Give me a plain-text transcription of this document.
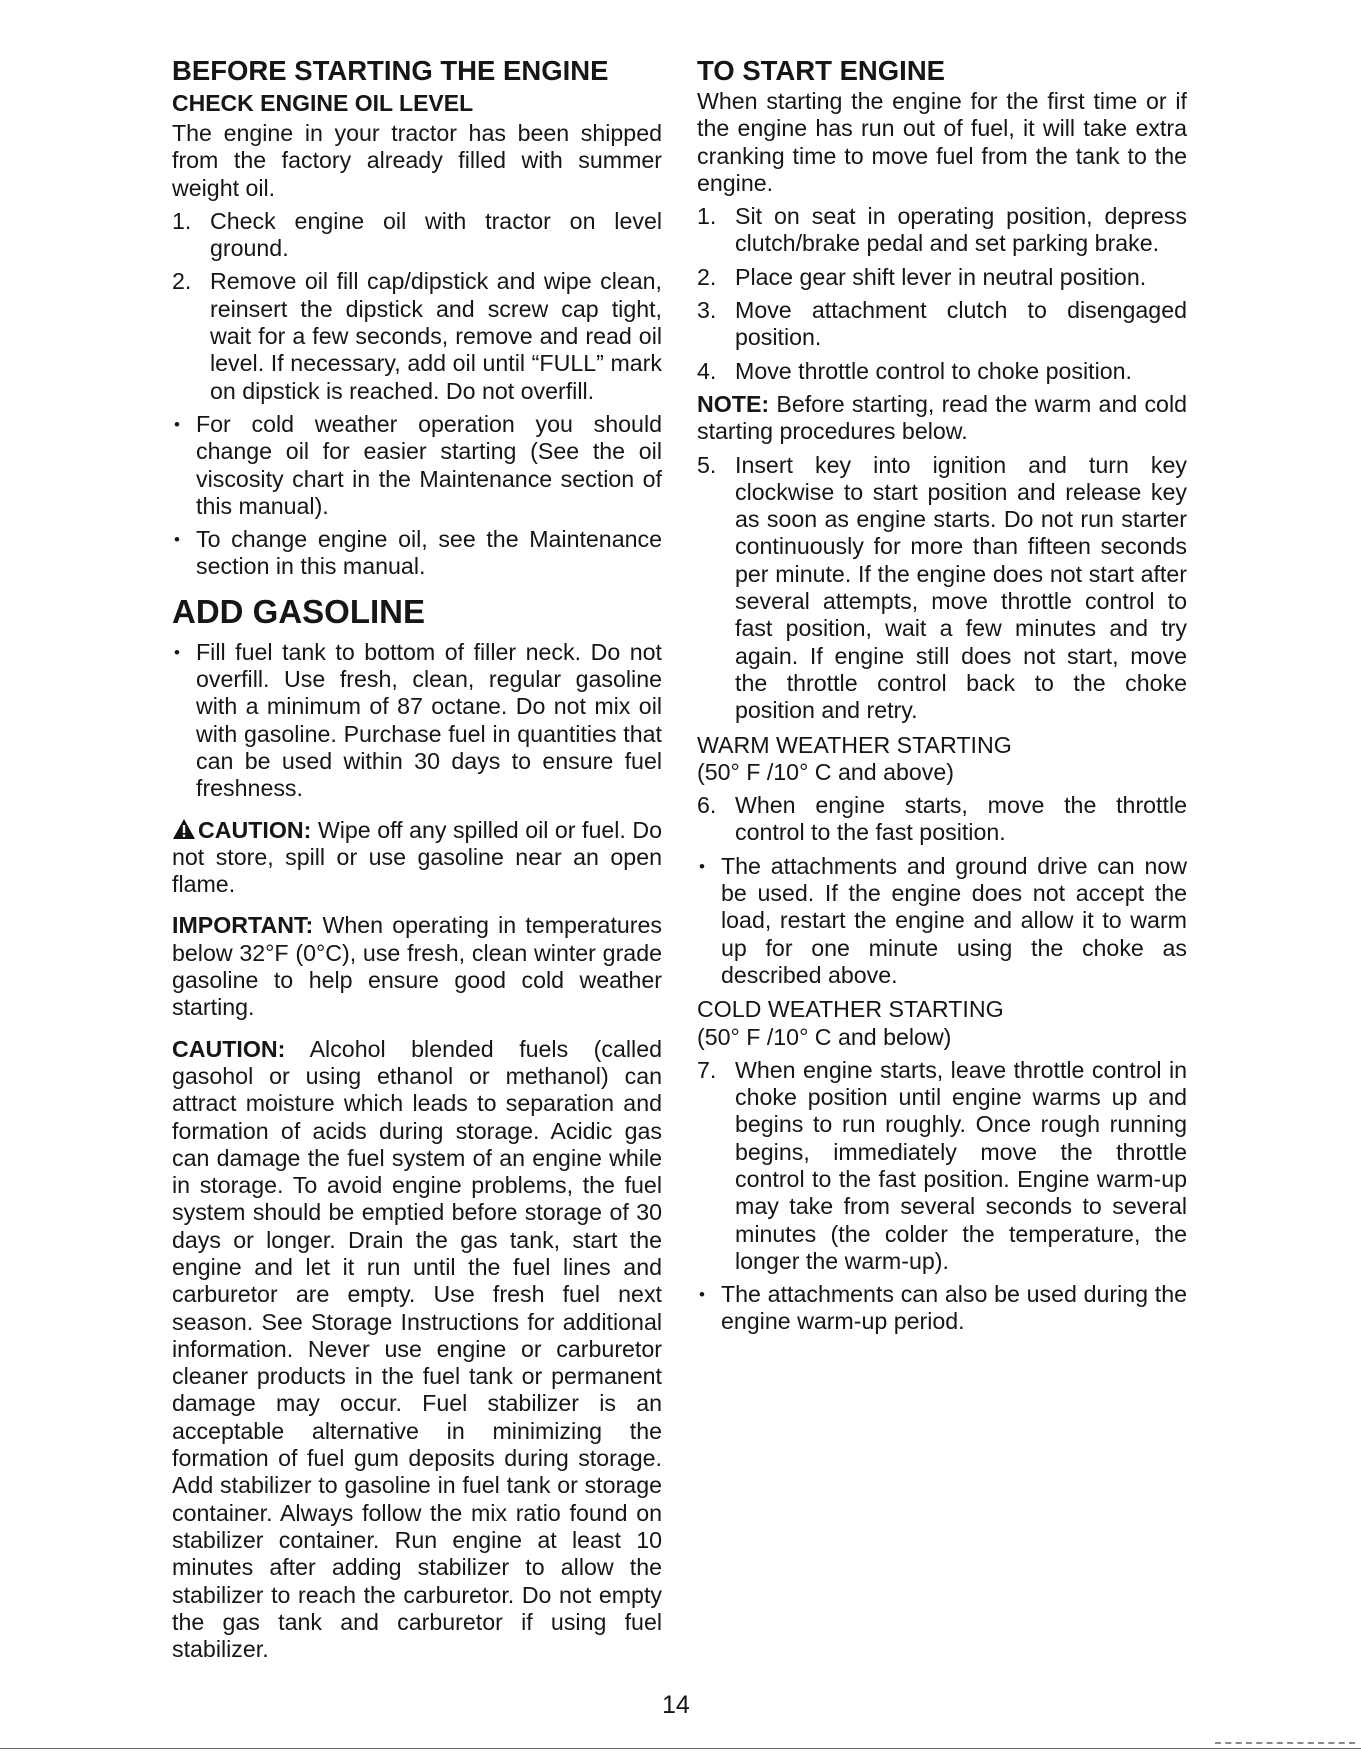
BEFORE STARTING THE ENGINE
CHECK ENGINE OIL LEVEL

The engine in your tractor has been shipped from the factory already filled with summer weight oil.

1. Check engine oil with tractor on level ground.
2. Remove oil fill cap/dipstick and wipe clean, reinsert the dipstick and screw cap tight, wait for a few seconds, remove and read oil level. If necessary, add oil until “FULL” mark on dipstick is reached. Do not overfill.
• For cold weather operation you should change oil for easier starting (See the oil viscosity chart in the Maintenance section of this manual).
• To change engine oil, see the Maintenance section in this manual.
ADD GASOLINE
• Fill fuel tank to bottom of filler neck. Do not overfill. Use fresh, clean, regular gasoline with a minimum of 87 octane. Do not mix oil with gasoline. Purchase fuel in quantities that can be used within 30 days to ensure fuel freshness.

CAUTION: Wipe off any spilled oil or fuel. Do not store, spill or use gasoline near an open flame.

IMPORTANT: When operating in temperatures below 32°F (0°C), use fresh, clean winter grade gasoline to help ensure good cold weather starting.

CAUTION: Alcohol blended fuels (called gasohol or using ethanol or methanol) can attract moisture which leads to separation and formation of acids during storage. Acidic gas can damage the fuel system of an engine while in storage. To avoid engine problems, the fuel system should be emptied before storage of 30 days or longer. Drain the gas tank, start the engine and let it run until the fuel lines and carburetor are empty. Use fresh fuel next season. See Storage Instructions for additional information. Never use engine or carburetor cleaner products in the fuel tank or permanent damage may occur. Fuel stabilizer is an acceptable alternative in minimizing the formation of fuel gum deposits during storage. Add stabilizer to gasoline in fuel tank or storage container. Always follow the mix ratio found on stabilizer container. Run engine at least 10 minutes after adding stabilizer to allow the stabilizer to reach the carburetor. Do not empty the gas tank and carburetor if using fuel stabilizer.

TO START ENGINE

When starting the engine for the first time or if the engine has run out of fuel, it will take extra cranking time to move fuel from the tank to the engine.

1. Sit on seat in operating position, depress clutch/brake pedal and set parking brake.
2. Place gear shift lever in neutral position.
3. Move attachment clutch to disengaged position.
4. Move throttle control to choke position.

NOTE: Before starting, read the warm and cold starting procedures below.

5. Insert key into ignition and turn key clockwise to start position and release key as soon as engine starts. Do not run starter continuously for more than fifteen seconds per minute. If the engine does not start after several attempts, move throttle control to fast position, wait a few minutes and try again. If engine still does not start, move the throttle control back to the choke position and retry.
WARM WEATHER STARTING
(50° F /10° C and above)
6. When engine starts, move the throttle control to the fast position.
• The attachments and ground drive can now be used. If the engine does not accept the load, restart the engine and allow it to warm up for one minute using the choke as described above.
COLD WEATHER STARTING
(50° F /10° C and below)
7. When engine starts, leave throttle control in choke position until engine warms up and begins to run roughly. Once rough running begins, immediately move the throttle control to the fast position. Engine warm-up may take from several seconds to several minutes (the colder the temperature, the longer the warm-up).
• The attachments can also be used during the engine warm-up period.
14
